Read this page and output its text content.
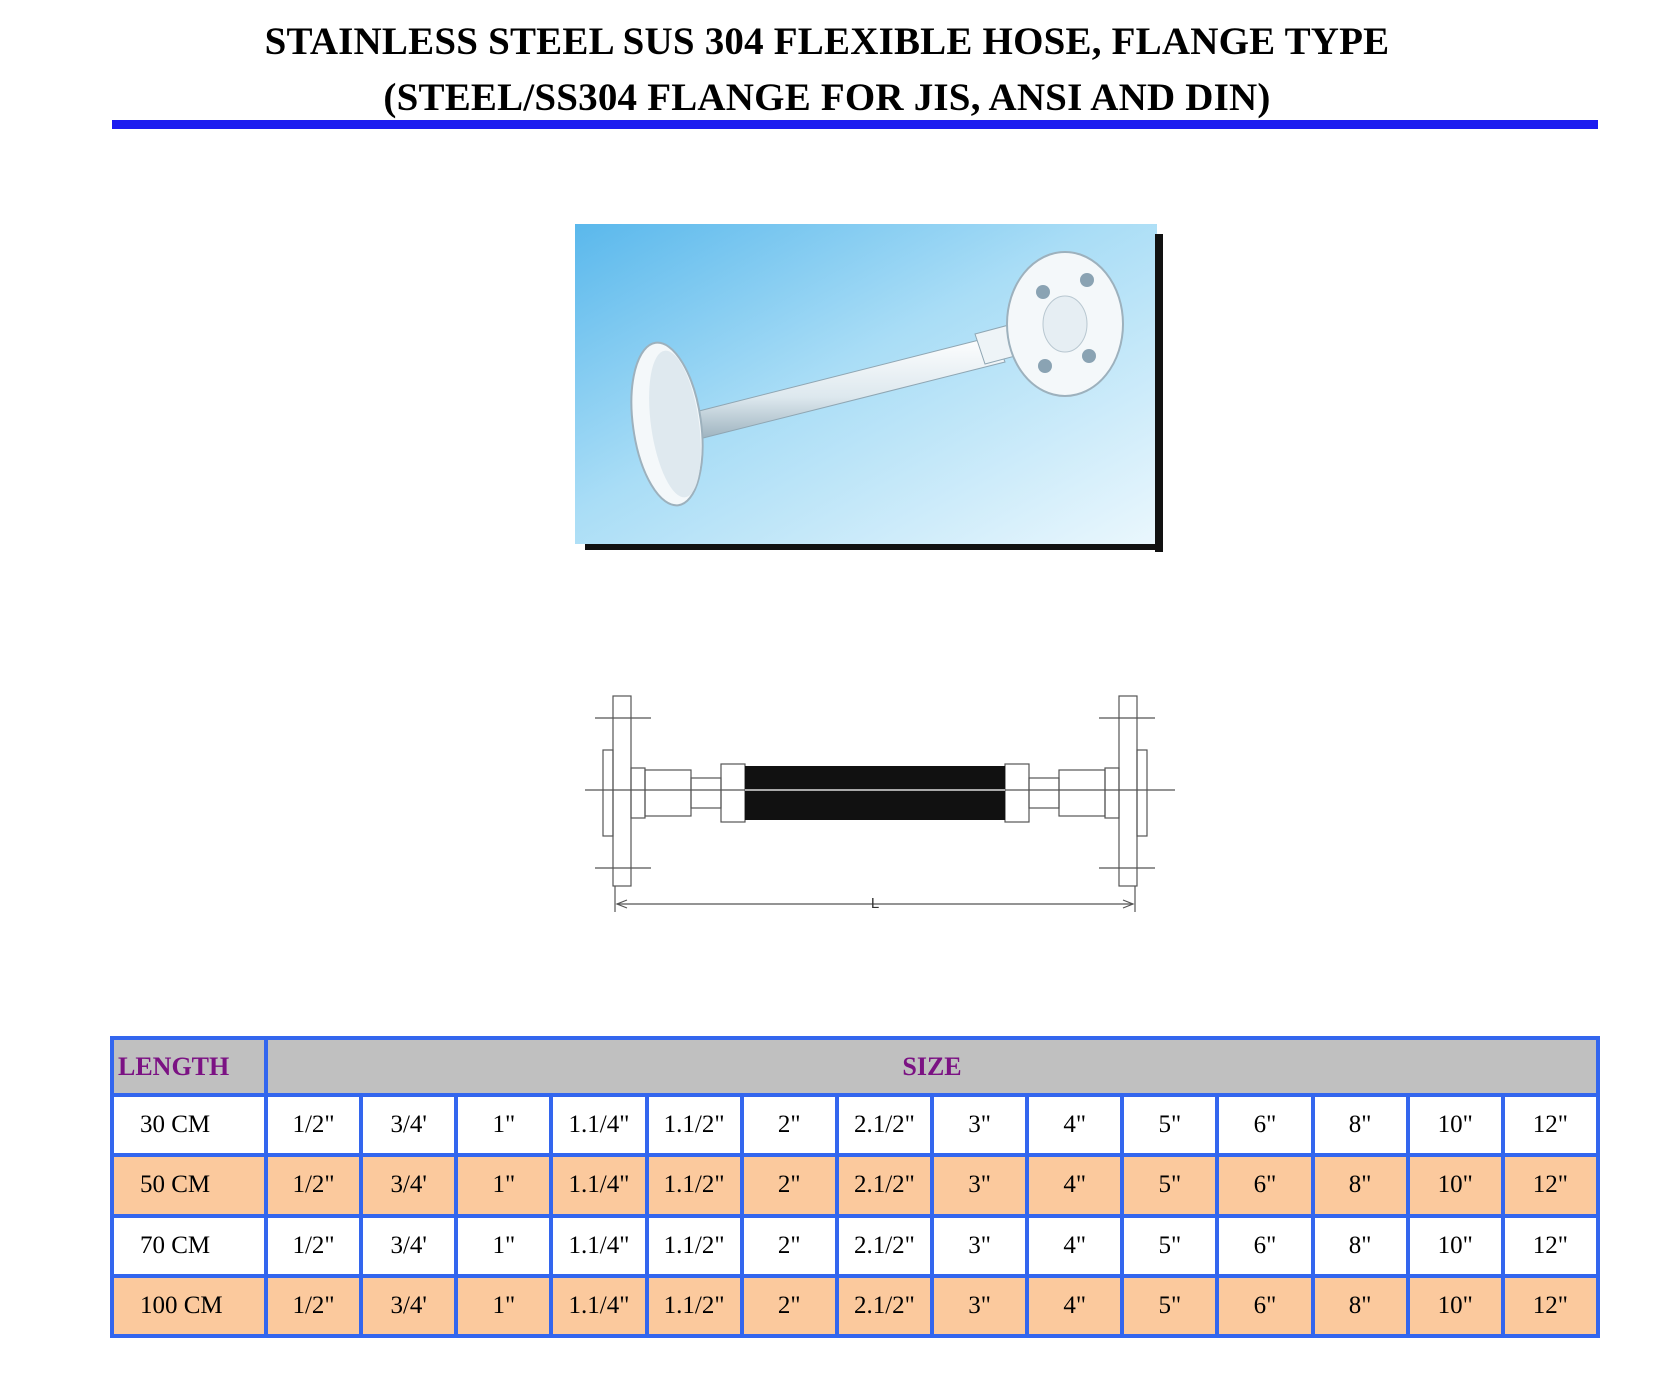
STAINLESS STEEL SUS 304 FLEXIBLE HOSE, FLANGE TYPE
(STEEL/SS304 FLANGE FOR JIS, ANSI AND DIN)
L
LENGTH	SIZE													
30 CM	1/2"	3/4'	1"	1.1/4"	1.1/2"	2"	2.1/2"	3"	4"	5"	6"	8"	10"	12"
50 CM	1/2"	3/4'	1"	1.1/4"	1.1/2"	2"	2.1/2"	3"	4"	5"	6"	8"	10"	12"
70 CM	1/2"	3/4'	1"	1.1/4"	1.1/2"	2"	2.1/2"	3"	4"	5"	6"	8"	10"	12"
100 CM	1/2"	3/4'	1"	1.1/4"	1.1/2"	2"	2.1/2"	3"	4"	5"	6"	8"	10"	12"
